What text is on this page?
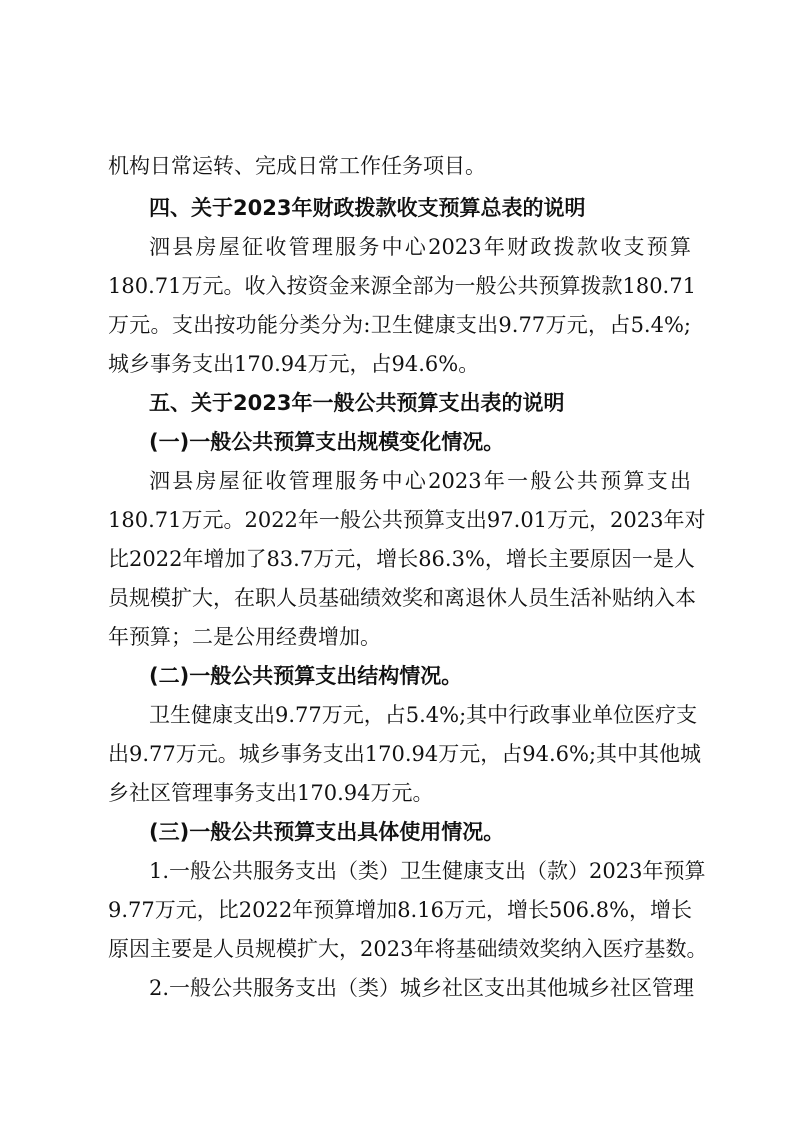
机构日常运转、完成日常工作任务项目。

四、关于2023年财政拨款收支预算总表的说明

泗县房屋征收管理服务中心2023年财政拨款收支预算

180.71万元。收入按资金来源全部为一般公共预算拨款180.71

万元。支出按功能分类分为:卫生健康支出9.77万元，占5.4%;

城乡事务支出170.94万元，占94.6%。

五、关于2023年一般公共预算支出表的说明

(一)一般公共预算支出规模变化情况。

泗县房屋征收管理服务中心2023年一般公共预算支出

180.71万元。2022年一般公共预算支出97.01万元，2023年对

比2022年增加了83.7万元，增长86.3%，增长主要原因一是人

员规模扩大，在职人员基础绩效奖和离退休人员生活补贴纳入本

年预算；二是公用经费增加。

(二)一般公共预算支出结构情况。

卫生健康支出9.77万元，占5.4%;其中行政事业单位医疗支

出9.77万元。城乡事务支出170.94万元，占94.6%;其中其他城

乡社区管理事务支出170.94万元。

(三)一般公共预算支出具体使用情况。

1.一般公共服务支出（类）卫生健康支出（款）2023年预算

9.77万元，比2022年预算增加8.16万元，增长506.8%，增长

原因主要是人员规模扩大，2023年将基础绩效奖纳入医疗基数。

2.一般公共服务支出（类）城乡社区支出其他城乡社区管理
